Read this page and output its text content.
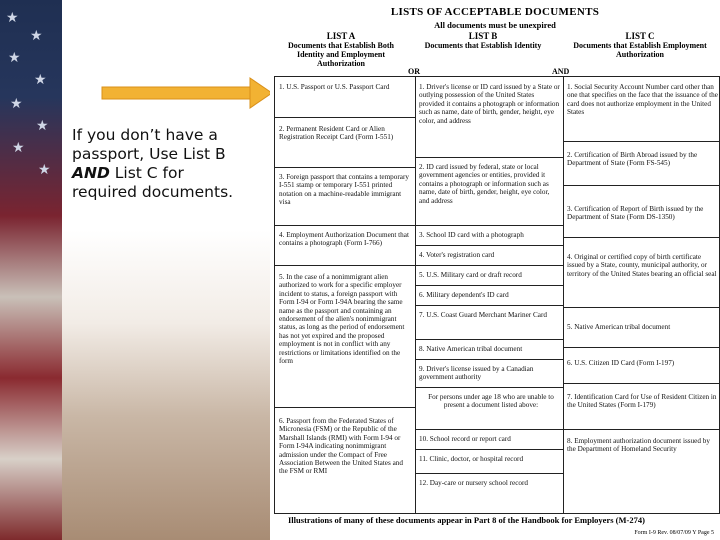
★
★
★
★
★
★
★
★
If you don’t have a
passport, Use List B
AND List C for
required documents.
LISTS OF ACCEPTABLE DOCUMENTS
All documents must be unexpired
LIST A
Documents that Establish Both Identity and Employment Authorization
LIST B
Documents that Establish Identity
LIST C
Documents that Establish Employment Authorization
OR	AND
1. U.S. Passport or U.S. Passport Card
2. Permanent Resident Card or Alien Registration Receipt Card (Form I-551)
3. Foreign passport that contains a temporary I-551 stamp or temporary I-551 printed notation on a machine-readable immigrant visa
4. Employment Authorization Document that contains a photograph (Form I-766)
5. In the case of a nonimmigrant alien authorized to work for a specific employer incident to status, a foreign passport with Form I-94 or Form I-94A bearing the same name as the passport and containing an endorsement of the alien's nonimmigrant status, as long as the period of endorsement has not yet expired and the proposed employment is not in conflict with any restrictions or limitations identified on the form
6. Passport from the Federated States of Micronesia (FSM) or the Republic of the Marshall Islands (RMI) with Form I-94 or Form I-94A indicating nonimmigrant admission under the Compact of Free Association Between the United States and the FSM or RMI
1. Driver's license or ID card issued by a State or outlying possession of the United States provided it contains a photograph or information such as name, date of birth, gender, height, eye color, and address
2. ID card issued by federal, state or local government agencies or entities, provided it contains a photograph or information such as name, date of birth, gender, height, eye color, and address
3. School ID card with a photograph
4. Voter's registration card
5. U.S. Military card or draft record
6. Military dependent's ID card
7. U.S. Coast Guard Merchant Mariner Card
8. Native American tribal document
9. Driver's license issued by a Canadian government authority
For persons under age 18 who are unable to present a document listed above:
10. School record or report card
11. Clinic, doctor, or hospital record
12. Day-care or nursery school record
1. Social Security Account Number card other than one that specifies on the face that the issuance of the card does not authorize employment in the United States
2. Certification of Birth Abroad issued by the Department of State (Form FS-545)
3. Certification of Report of Birth issued by the Department of State (Form DS-1350)
4. Original or certified copy of birth certificate issued by a State, county, municipal authority, or territory of the United States bearing an official seal
5. Native American tribal document
6. U.S. Citizen ID Card (Form I-197)
7. Identification Card for Use of Resident Citizen in the United States (Form I-179)
8. Employment authorization document issued by the Department of Homeland Security
Illustrations of many of these documents appear in Part 8 of the Handbook for Employers (M-274)
Form I-9 Rev. 08/07/09 Y Page 5
